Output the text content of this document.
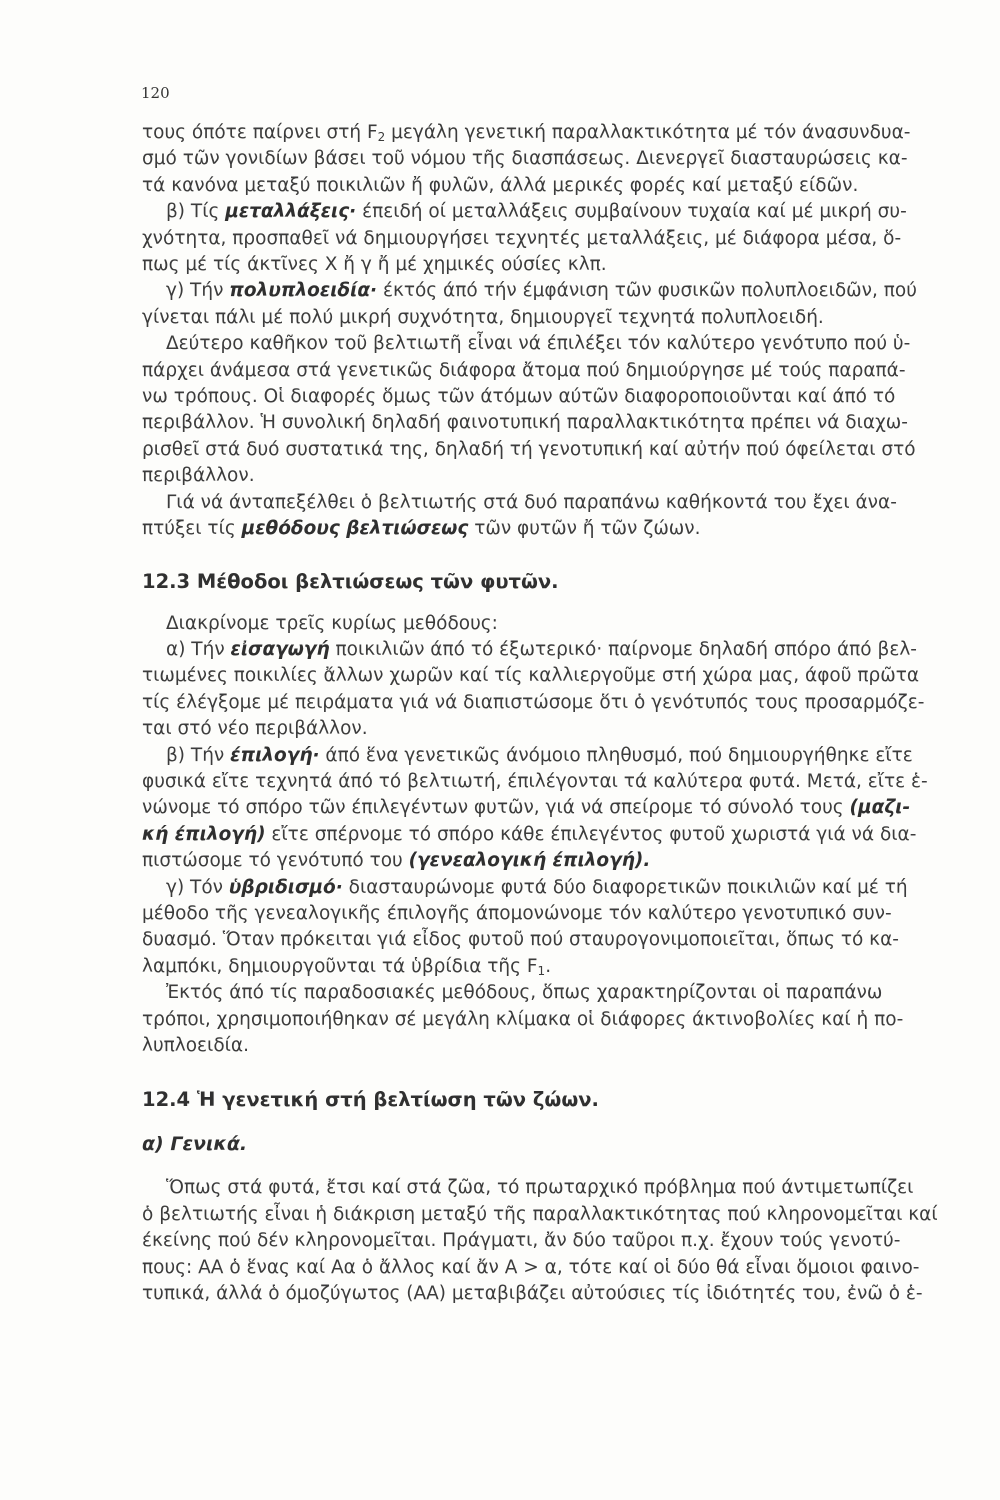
120
τους όπότε παίρνει στή $F_2$ μεγάλη γενετική παραλλακτικότητα μέ τόν άνασυνδυα-
σμό τῶν γονιδίων βάσει τοῦ νόμου τῆς διασπάσεως. Διενεργεῖ διασταυρώσεις κα-
τά κανόνα μεταξύ ποικιλιῶν ἤ φυλῶν, άλλά μερικές φορές καί μεταξύ είδῶν.
β) Τίς μεταλλάξεις· έπειδή οί μεταλλάξεις συμβαίνουν τυχαία καί μέ μικρή συ-
χνότητα, προσπαθεῖ νά δημιουργήσει τεχνητές μεταλλάξεις, μέ διάφορα μέσα, ὅ-
πως μέ τίς άκτῖνες X ἤ γ ἤ μέ χημικές ούσίες κλπ.
γ) Τήν πολυπλοειδία· έκτός άπό τήν έμφάνιση τῶν φυσικῶν πολυπλοειδῶν, πού
γίνεται πάλι μέ πολύ μικρή συχνότητα, δημιουργεῖ τεχνητά πολυπλοειδή.
Δεύτερο καθῆκον τοῦ βελτιωτῆ εἶναι νά έπιλέξει τόν καλύτερο γενότυπο πού ὑ-
πάρχει άνάμεσα στά γενετικῶς διάφορα ἄτομα πού δημιούργησε μέ τούς παραπά-
νω τρόπους. Οἱ διαφορές ὅμως τῶν άτόμων αύτῶν διαφοροποιοῦνται καί άπό τό
περιβάλλον. Ἡ συνολική δηλαδή φαινοτυπική παραλλακτικότητα πρέπει νά διαχω-
ρισθεῖ στά δυό συστατικά της, δηλαδή τή γενοτυπική καί αὐτήν πού όφείλεται στό
περιβάλλον.
Γιά νά άνταπεξέλθει ὁ βελτιωτής στά δυό παραπάνω καθήκοντά του ἔχει άνα-
πτύξει τίς μεθόδους βελτιώσεως τῶν φυτῶν ἤ τῶν ζώων.
12.3 Μέθοδοι βελτιώσεως τῶν φυτῶν.
Διακρίνομε τρεῖς κυρίως μεθόδους:
α) Τήν εἰσαγωγή ποικιλιῶν άπό τό έξωτερικό· παίρνομε δηλαδή σπόρο άπό βελ-
τιωμένες ποικιλίες ἄλλων χωρῶν καί τίς καλλιεργοῦμε στή χώρα μας, άφοῦ πρῶτα
τίς έλέγξομε μέ πειράματα γιά νά διαπιστώσομε ὅτι ὁ γενότυπός τους προσαρμόζε-
ται στό νέο περιβάλλον.
β) Τήν έπιλογή· άπό ἕνα γενετικῶς άνόμοιο πληθυσμό, πού δημιουργήθηκε εἴτε
φυσικά εἴτε τεχνητά άπό τό βελτιωτή, έπιλέγονται τά καλύτερα φυτά. Μετά, εἴτε ἑ-
νώνομε τό σπόρο τῶν έπιλεγέντων φυτῶν, γιά νά σπείρομε τό σύνολό τους (μαζι-
κή έπιλογή) εἴτε σπέρνομε τό σπόρο κάθε έπιλεγέντος φυτοῦ χωριστά γιά νά δια-
πιστώσομε τό γενότυπό του (γενεαλογική έπιλογή).
γ) Τόν ὑβριδισμό· διασταυρώνομε φυτά δύο διαφορετικῶν ποικιλιῶν καί μέ τή
μέθοδο τῆς γενεαλογικῆς έπιλογῆς άπομονώνομε τόν καλύτερο γενοτυπικό συν-
δυασμό. Ὅταν πρόκειται γιά εἶδος φυτοῦ πού σταυρογονιμοποιεῖται, ὅπως τό κα-
λαμπόκι, δημιουργοῦνται τά ὑβρίδια τῆς $F_1$.
Ἐκτός άπό τίς παραδοσιακές μεθόδους, ὅπως χαρακτηρίζονται οἱ παραπάνω
τρόποι, χρησιμοποιήθηκαν σέ μεγάλη κλίμακα οἱ διάφορες άκτινοβολίες καί ἡ πο-
λυπλοειδία.
12.4 Ἡ γενετική στή βελτίωση τῶν ζώων.
α) Γενικά.
Ὅπως στά φυτά, ἔτσι καί στά ζῶα, τό πρωταρχικό πρόβλημα πού άντιμετωπίζει
ὁ βελτιωτής εἶναι ἡ διάκριση μεταξύ τῆς παραλλακτικότητας πού κληρονομεῖται καί
έκείνης πού δέν κληρονομεῖται. Πράγματι, ἄν δύο ταῦροι π.χ. ἔχουν τούς γενοτύ-
πους: ΑΑ ὁ ἕνας καί Αα ὁ ἄλλος καί ἄν Α > α, τότε καί οἱ δύο θά εἶναι ὅμοιοι φαινο-
τυπικά, άλλά ὁ όμοζύγωτος (ΑΑ) μεταβιβάζει αὐτούσιες τίς ἰδιότητές του, ἐνῶ ὁ ἑ-
